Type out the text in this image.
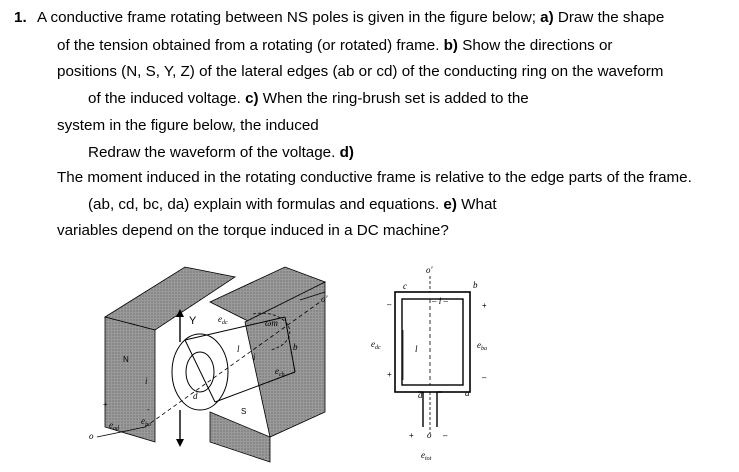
1. A conductive frame rotating between NS poles is given in the figure below; a) Draw the shape
of the tension obtained from a rotating (or rotated) frame. b) Show the directions or
positions (N, S, Y, Z) of the lateral edges (ab or cd) of the conducting ring on the waveform
of the induced voltage. c) When the ring-brush set is added to the
system in the figure below, the induced
Redraw the waveform of the voltage. d)
The moment induced in the rotating conductive frame is relative to the edge parts of the frame.
(ab, cd, bc, da) explain with formulas and equations. e) What
variables depend on the torque induced in a DC machine?
N
S
Y $e_{dc}$	ωm
$e_{cb}$
$e_{ad}$
$e_{ba}$
+
-
o
o'
l
i
b
d
i
o'
c	b
d	a
$e_{dc}$	$e_{ba}$
l
– i –	+
–
–
+
+ o –
$e_{tot}$
